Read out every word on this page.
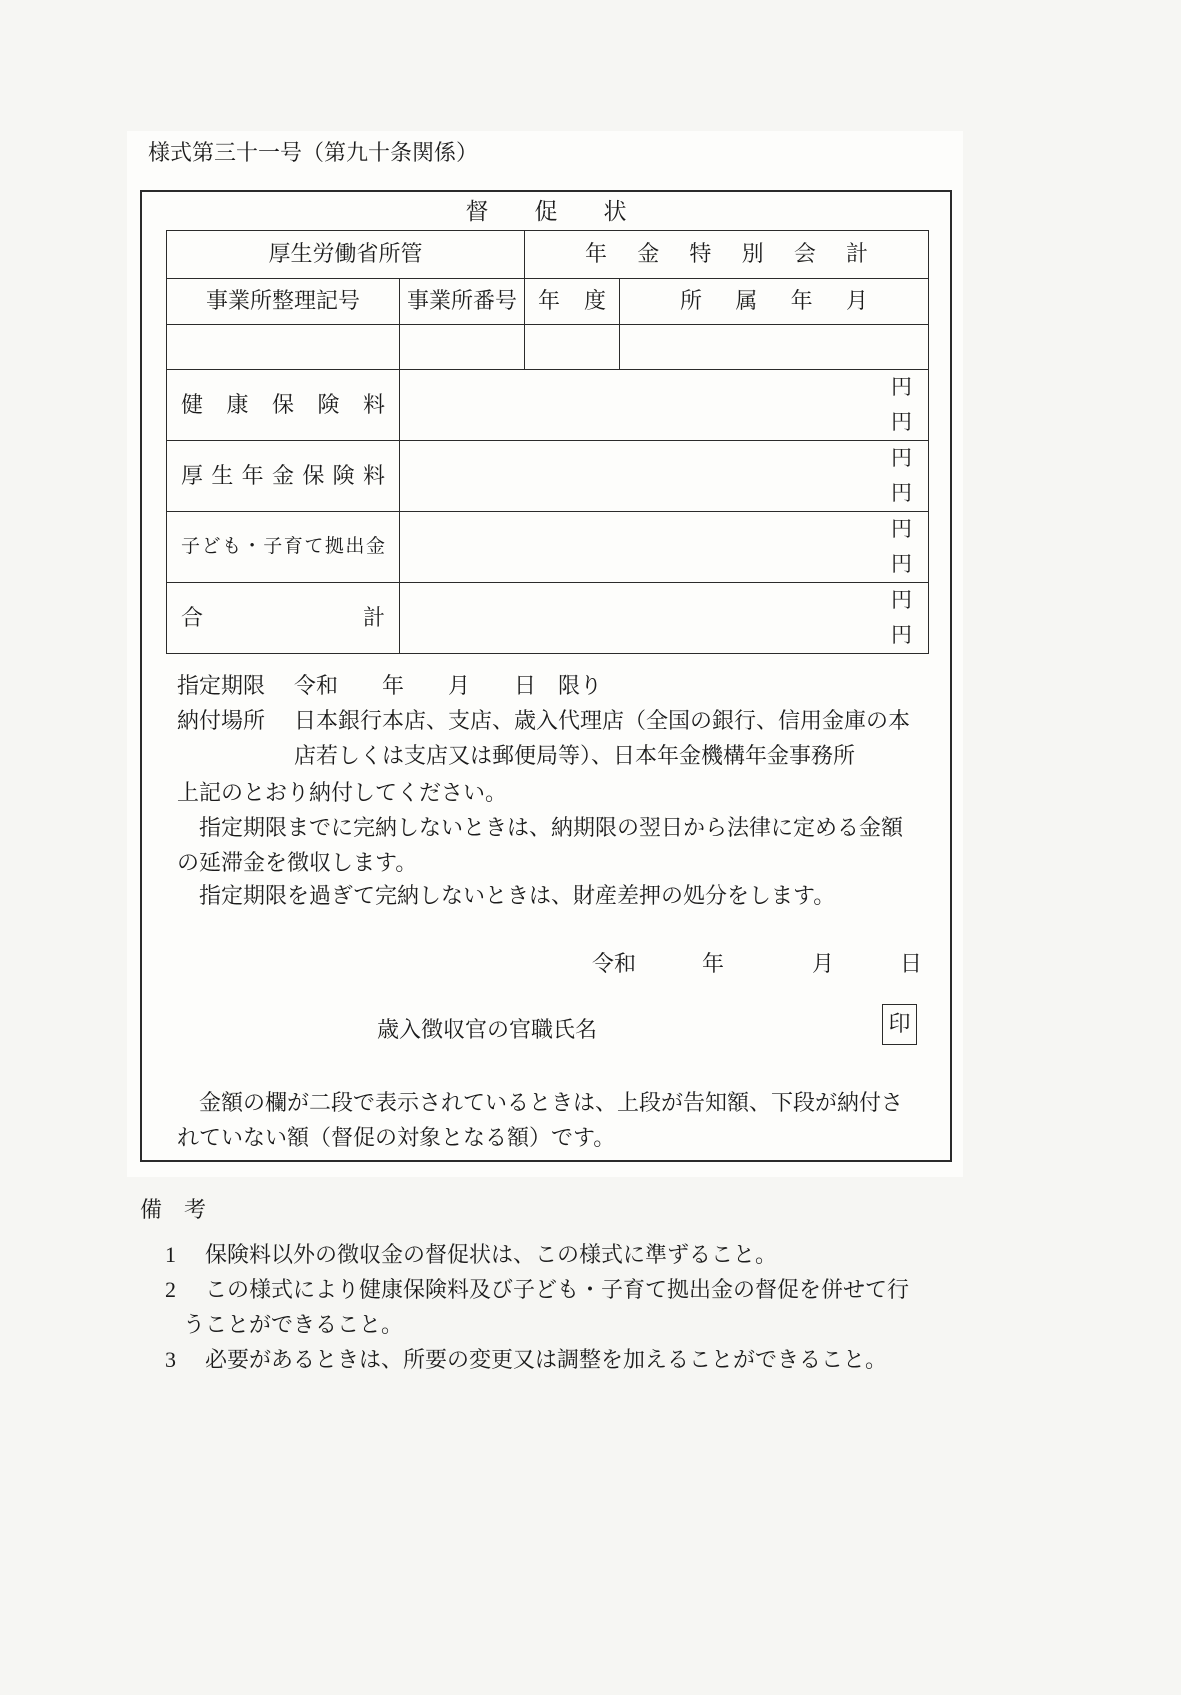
様式第三十一号（第九十条関係）
督促状
厚生労働省所管		年金特別会計	
事業所整理記号	事業所番号	年度	所属年月

健康保険料	円
円		

厚生年金保険料	円
円		

子ども・子育て拠出金	円
円		

合計	円
円		
指定期限	令和　　年　　月　　日　限り
納付場所	日本銀行本店、支店、歳入代理店（全国の銀行、信用金庫の本店若しくは支店又は郵便局等）、日本年金機構年金事務所
上記のとおり納付してください。
指定期限までに完納しないときは、納期限の翌日から法律に定める金額の延滞金を徴収します。
指定期限を過ぎて完納しないときは、財産差押の処分をします。
令和　　　年　　　　月　　　日
歳入徴収官の官職氏名	印
金額の欄が二段で表示されているときは、上段が告知額、下段が納付されていない額（督促の対象となる額）です。
備考
1	保険料以外の徴収金の督促状は、この様式に準ずること。
2	この様式により健康保険料及び子ども・子育て拠出金の督促を併せて行うことができること。
3	必要があるときは、所要の変更又は調整を加えることができること。
